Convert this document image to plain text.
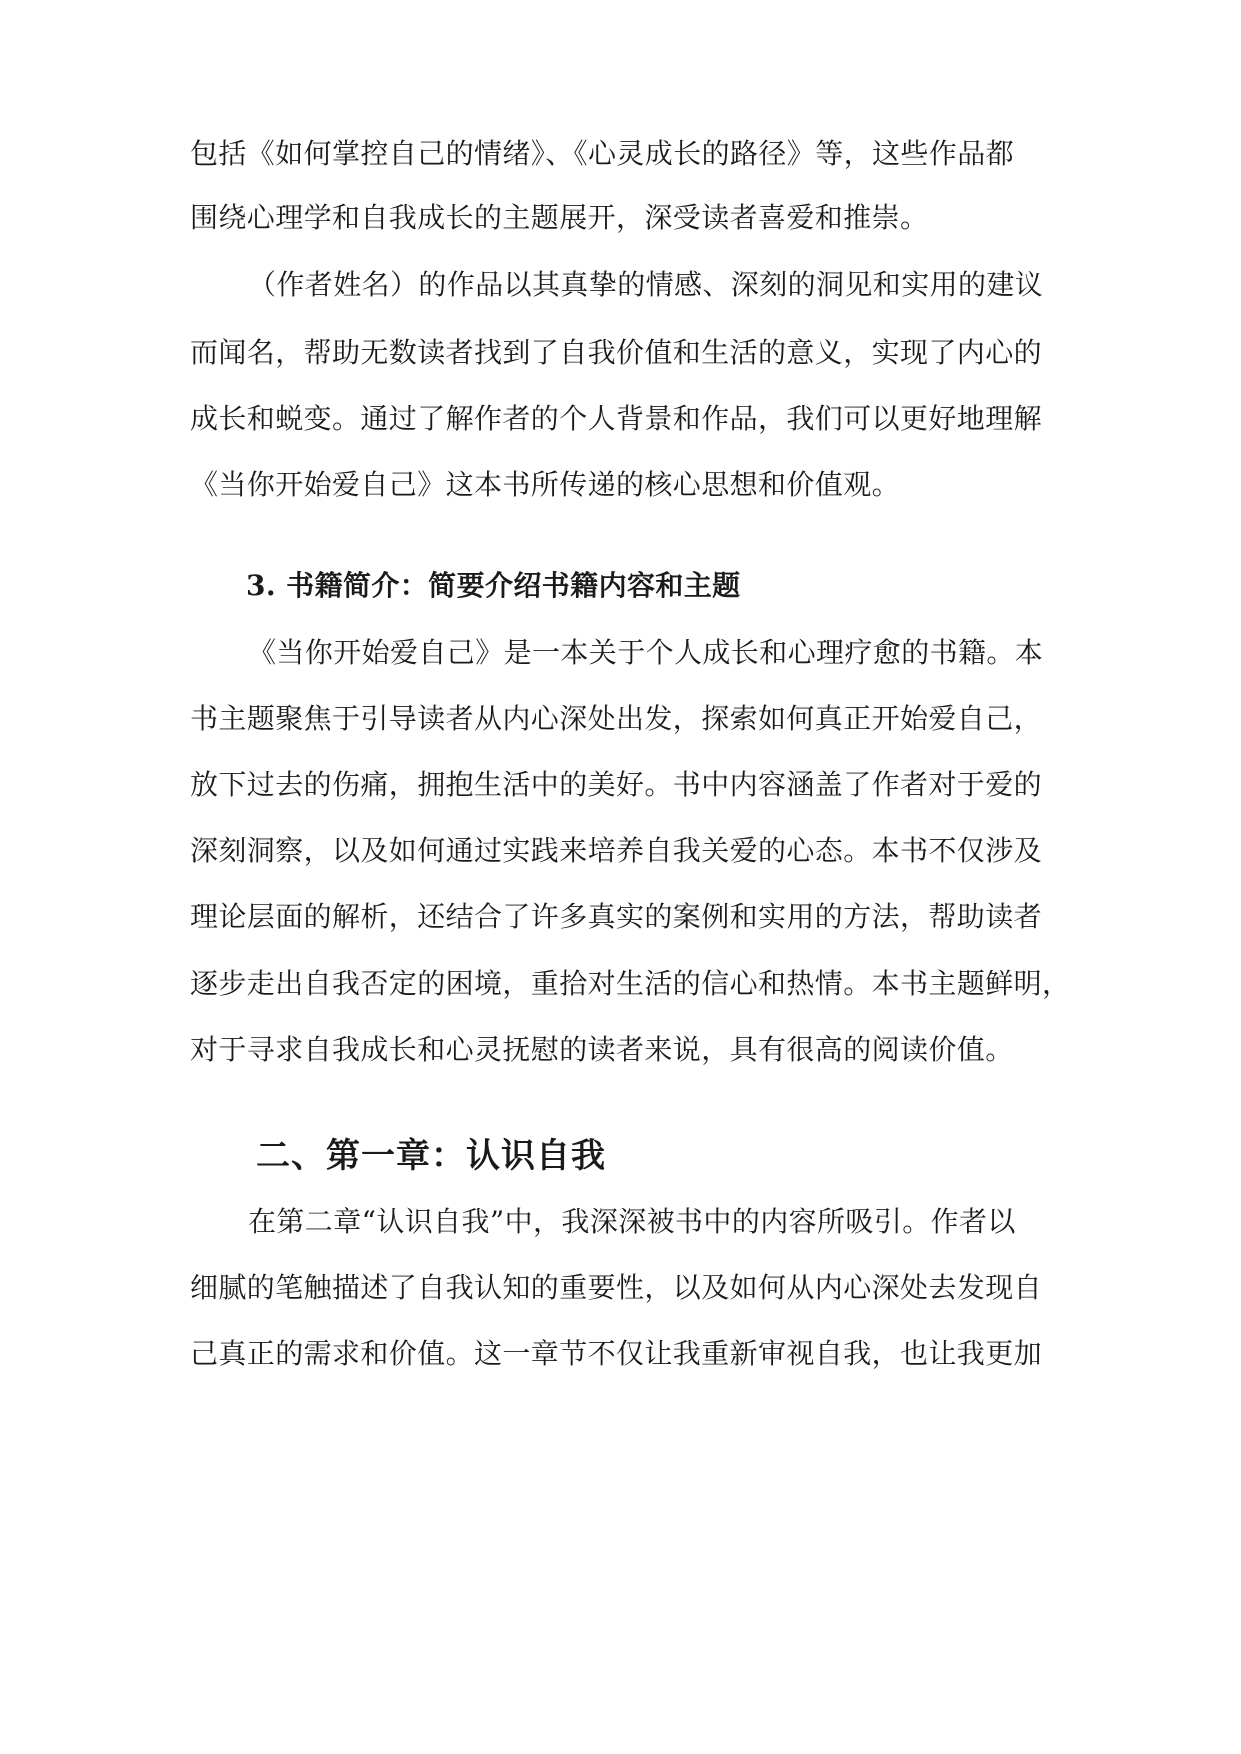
包括《如何掌控自己的情绪》、《心灵成长的路径》等，这些作品都
围绕心理学和自我成长的主题展开，深受读者喜爱和推崇。
（作者姓名）的作品以其真挚的情感、深刻的洞见和实用的建议
而闻名，帮助无数读者找到了自我价值和生活的意义，实现了内心的
成长和蜕变。通过了解作者的个人背景和作品，我们可以更好地理解
《当你开始爱自己》这本书所传递的核心思想和价值观。
3. 书籍简介：简要介绍书籍内容和主题
《当你开始爱自己》是一本关于个人成长和心理疗愈的书籍。本
书主题聚焦于引导读者从内心深处出发，探索如何真正开始爱自己，
放下过去的伤痛，拥抱生活中的美好。书中内容涵盖了作者对于爱的
深刻洞察，以及如何通过实践来培养自我关爱的心态。本书不仅涉及
理论层面的解析，还结合了许多真实的案例和实用的方法，帮助读者
逐步走出自我否定的困境，重拾对生活的信心和热情。本书主题鲜明，
对于寻求自我成长和心灵抚慰的读者来说，具有很高的阅读价值。
二、第一章：认识自我
在第二章“认识自我”中，我深深被书中的内容所吸引。作者以
细腻的笔触描述了自我认知的重要性，以及如何从内心深处去发现自
己真正的需求和价值。这一章节不仅让我重新审视自我，也让我更加
